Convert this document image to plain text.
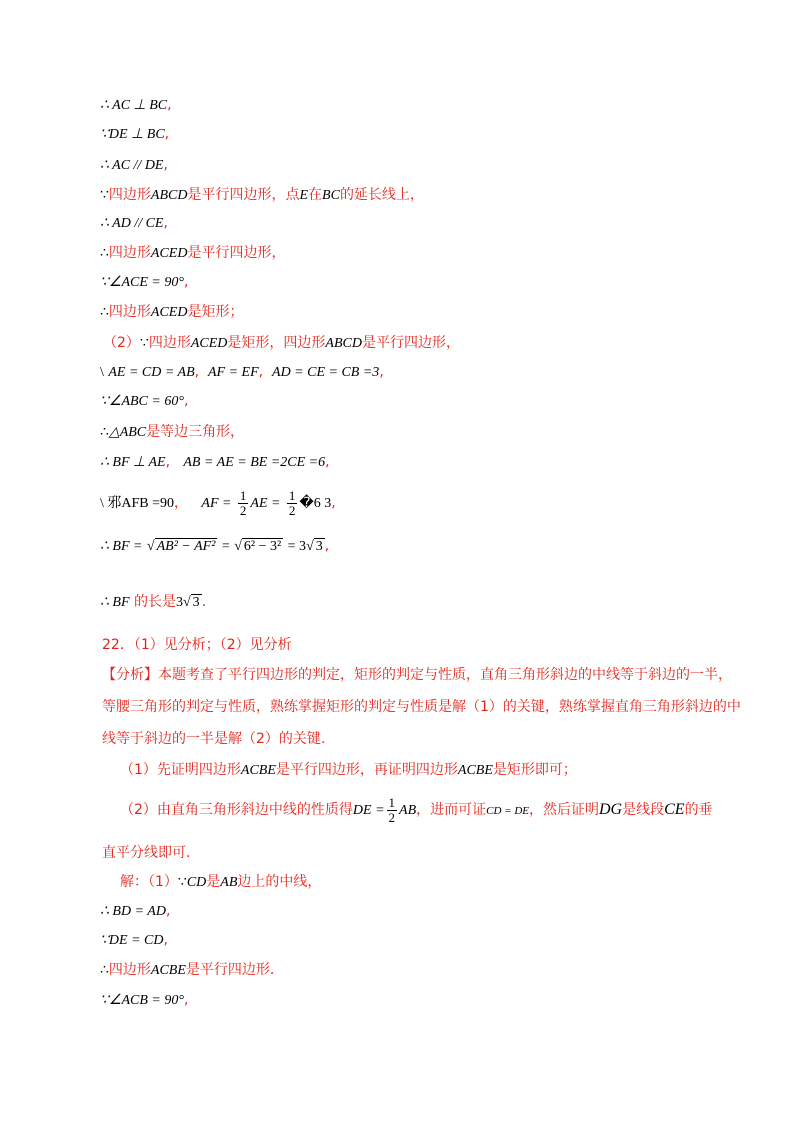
∴ AC ⊥ BC,
∵DE ⊥ BC,
∴ AC // DE,
∵四边形ABCD是平行四边形，点E在BC的延长线上，
∴ AD // CE,
∴四边形ACED是平行四边形，
∵∠ACE = 90°,
∴四边形ACED是矩形；
（2）∵四边形ACED是矩形，四边形ABCD是平行四边形，
\ AE = CD = AB, AF = EF, AD = CE = CB =3,
∵∠ABC = 60°,
∴△ABC是等边三角形，
∴ BF ⊥ AE, AB = AE = BE =2CE =6,
\ 邪AFB =90， AF = $\frac{1}{2}$ AE = $\frac{1}{2}$ �6 3,
∴ BF = √ AB² − AF² = √ 6² − 3² = 3√ 3 ,
∴ BF 的长是3√ 3 .
22．（1）见分析；（2）见分析
【分析】本题考查了平行四边形的判定，矩形的判定与性质，直角三角形斜边的中线等于斜边的一半，
等腰三角形的判定与性质，熟练掌握矩形的判定与性质是解（1）的关键，熟练掌握直角三角形斜边的中
线等于斜边的一半是解（2）的关键.
（1）先证明四边形ACBE是平行四边形，再证明四边形ACBE是矩形即可；
（2）由直角三角形斜边中线的性质得DE = $\frac{1}{2}$ AB，进而可证CD = DE，然后证明DG是线段CE的垂
直平分线即可.
解：（1）∵CD是AB边上的中线，
∴ BD = AD,
∵DE = CD,
∴四边形ACBE是平行四边形.
∵∠ACB = 90°,
